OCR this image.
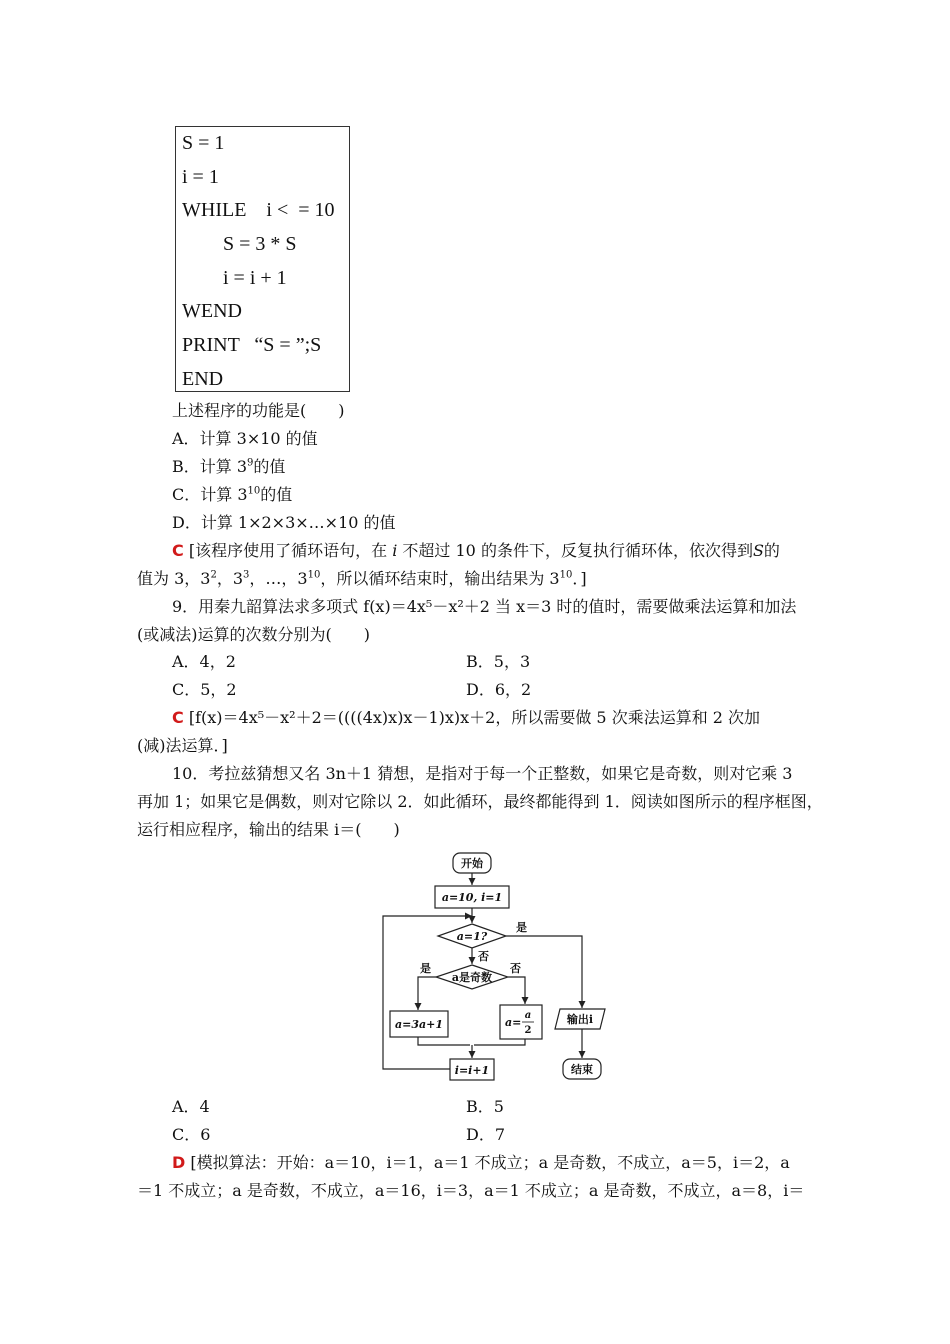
S = 1
i = 1
WHILE    i <  = 10
S = 3 * S
i = i + 1
WEND
PRINT   “S = ”;S
END
上述程序的功能是(　　)
A．计算 3×10 的值
B．计算 $3^9$的值
C．计算 $3^{10}$的值
D．计算 1×2×3×…×10 的值
C [该程序使用了循环语句，在 i 不超过 10 的条件下，反复执行循环体，依次得到S的
值为 3，$3^2$，$3^3$，…，$3^{10}$，所以循环结束时，输出结果为 $3^{10}$．]
9．用秦九韶算法求多项式 f(x)＝4x⁵－x²＋2 当 x＝3 时的值时，需要做乘法运算和加法
(或减法)运算的次数分别为(　　)
A．4，2	B．5，3
C．5，2	D．6，2
C [f(x)＝4x⁵－x²＋2＝((((4x)x)x－1)x)x＋2，所以需要做 5 次乘法运算和 2 次加
(减)法运算．]
10．考拉兹猜想又名 3n＋1 猜想，是指对于每一个正整数，如果它是奇数，则对它乘 3
再加 1；如果它是偶数，则对它除以 2．如此循环，最终都能得到 1．阅读如图所示的程序框图，
运行相应程序，输出的结果 i＝(　　)
开始
a=10, i=1
a=1?
是
否
a是奇数
是	否
a=3a+1	a=
a
2
i=i+1
输出i
结束
A．4	B．5
C．6	D．7
D [模拟算法：开始：a＝10，i＝1，a＝1 不成立；a 是奇数，不成立，a＝5，i＝2，a
＝1 不成立；a 是奇数，不成立，a＝16，i＝3，a＝1 不成立；a 是奇数，不成立，a＝8，i＝
